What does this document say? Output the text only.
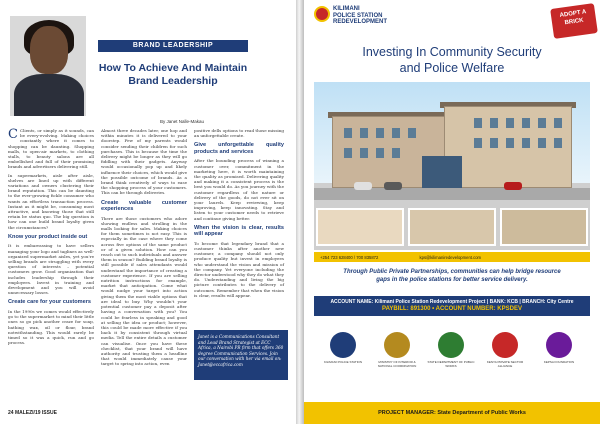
BRAND LEADERSHIP
How To Achieve And Maintain Brand Leadership
By Janet Nalle-Makau

C Clients, or simply as it sounds, can be every-evolving. Making choices constantly where it comes to shopping can be daunting. Shopping malls, to open-air markets, to clothing stalls, to beauty salons are all embellished and full of their promising brands and advertisers delivering still.

In supermarkets, aisle after aisle, shelves are lined up with different variations and owners clustering their brand reputation. This can be daunting to the ever-growing fickle consumer who wants an effortless transaction process. Instant as it might be, consuming most attractive, and knowing those that still retain be status quo. The big question is how can one build brand loyalty given the circumstances?

Know your product inside out

It is embarrassing to have sellers managing your logo and taglines as well-organized supermarket aisles, yet you're selling brands are struggling with every question of interests – potential customers grow. Good organization that includes leadership through their employees. Invest in training and development and you will avoid unnecessary losses.

Create care for your customers

In the 1990s we comes would effectively go to the supermarket to mind their little ones so go pick another craze for soap, bathing wax, oil or flour, brand notwithstanding. This would rarely be timed so it was a quick, run and go process.

Almost three decades later, one hop and within minutes it is delivered to your doorstep. Few of my parents would consider sending their children for such purchases. This is because the time the delivery might be longer as they will go fiddling with their gadgets. Anyway would occasionally pop up and likely influence their choices, which would give the possible outcome of brands. As a brand think creatively of ways to ease the shopping process of your customers. This can be through deliveries.

Create valuable customer experiences

There are those customers who adore showing endless and strolling in the malls looking for sales. Making choices for them sometimes is not easy. This is especially in the case where they come across five options of the same product or of a given solution. How can you reach out to such individuals and answer them in season? Building brand loyalty is still possible if sales attendants would understand the importance of creating a customer experience. If you are selling nutrition instructions for example, market that anticipation. Come what would nudge your target into action giving them the most viable options that are ideal to buy. Why wouldn't your potential customer pay a deposit after having a conversation with you? You could be fearless in speaking and good at selling the idea or product; however, this could be made more effective if you back it by consistent through virtual media. Tell the entire details a customer can visualise. Once you have these checklist, that your brand will have authority and trusting them a headline that would immediately cause your target to spring into action, even

positive dells options to read those missing an unforgettable create.

Give unforgettable quality products and services

After the bounding process of winning a customer over, commitment in the marketing here, it is worth maintaining the quality as promised. Delivering quality and making it a consistent process is the best you would do. As you journey with the customer regardless of the nature or delivery of the goods, do not ever sit on your laurels. Keep reviewing, keep improving, keep innovating. Stay and listen to your customer needs to retrieve and continue giving better.

When the vision is clear, results will appear

To become that legendary brand that a customer thinks after another new customer, a company should not only produce quality but invest in employees who understand the vision and mission of the company. Yet everyone including the director understood why they do what they do. Understanding and living the big picture contributes to the delivery of outcomes. Remember that when the vision is clear, results will appear.

Janet is a Communications Consultant and Lead Brand Strategist at ECC Africa, a Nairobi PR firm that offers 360 degree Communication Services. Join our conversation with her via email on: Janet@eccafrica.com
24 MALEZI/19 ISSUE
KILIMANI
POLICE STATION
REDEVELOPMENT
ADOPT A
BRICK
Investing In Community Security
and Police Welfare
+254 723 628400 / 700 835872	kps@kilimaniredevelopment.com
Through Public Private Partnerships, communities can help bridge resource
gaps in the police stations for better service delivery.
ACCOUNT NAME: Kilimani Police Station Redevelopment Project | BANK: KCB | BRANCH: City Centre
PAYBILL: 891300 • ACCOUNT NUMBER: KPSDEV
KILIMANI POLICE STATION	MINISTRY OF INTERIOR & NATIONAL COORDINATION
STATE DEPARTMENT OF PUBLIC WORKS
KENYA PRIVATE SECTOR ALLIANCE
KEPSA FOUNDATION
PROJECT MANAGER: State Department of Public Works
